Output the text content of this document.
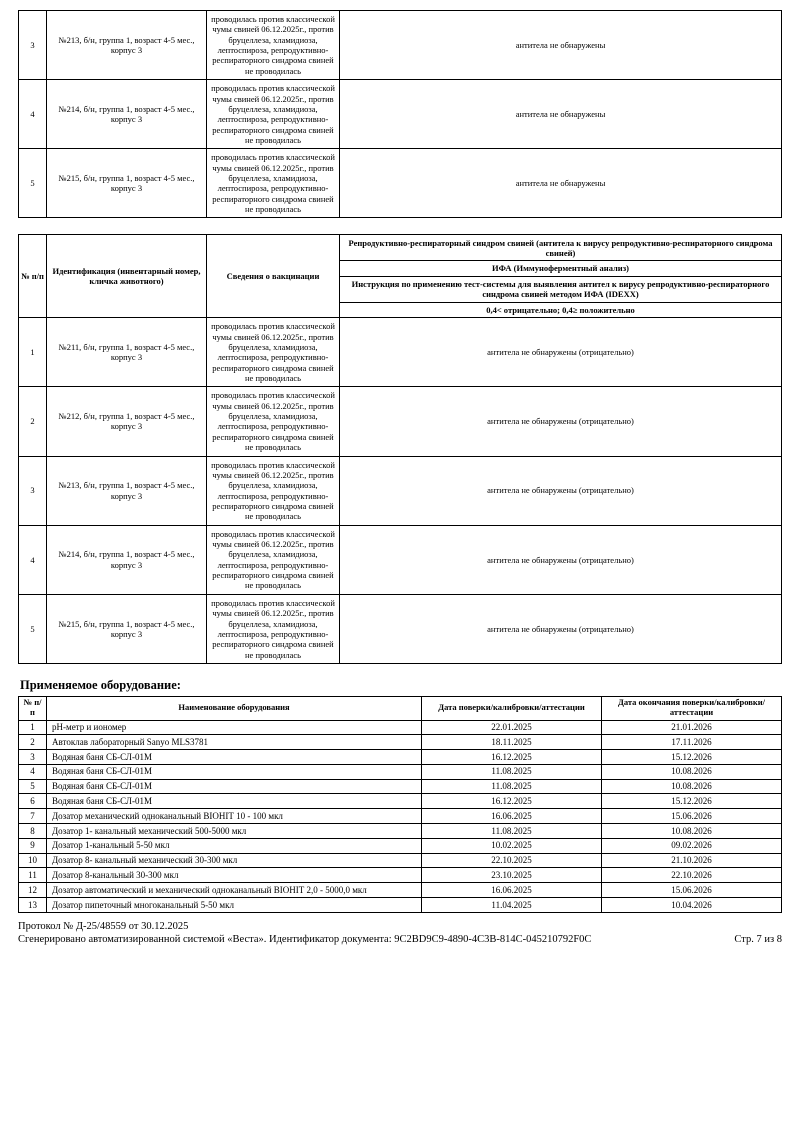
3	№213, б/н, группа 1, возраст 4-5 мес., корпус 3	проводилась против классической чумы свиней 06.12.2025г., против бруцеллеза, хламидиоза, лептоспироза, репродуктивно-респираторного синдрома свиней не проводилась	антитела не обнаружены
4	№214, б/н, группа 1, возраст 4-5 мес., корпус 3	проводилась против классической чумы свиней 06.12.2025г., против бруцеллеза, хламидиоза, лептоспироза, репродуктивно-респираторного синдрома свиней не проводилась	антитела не обнаружены
5	№215, б/н, группа 1, возраст 4-5 мес., корпус 3	проводилась против классической чумы свиней 06.12.2025г., против бруцеллеза, хламидиоза, лептоспироза, репродуктивно-респираторного синдрома свиней не проводилась	антитела не обнаружены
№ п/п	Идентификация (инвентарный номер, кличка животного)	Сведения о вакцинации	Репродуктивно-респираторный синдром свиней (антитела к вирусу репродуктивно-респираторного синдрома свиней)
			ИФА (Иммуноферментный анализ)
			Инструкция по применению тест-системы для выявления антител к вирусу репродуктивно-респираторного синдрома свиней методом ИФА (IDEXX)
			0,4< отрицательно; 0,4≥ положительно
1	№211, б/н, группа 1, возраст 4-5 мес., корпус 3	проводилась против классической чумы свиней 06.12.2025г., против бруцеллеза, хламидиоза, лептоспироза, репродуктивно-респираторного синдрома свиней не проводилась	антитела не обнаружены (отрицательно)
2	№212, б/н, группа 1, возраст 4-5 мес., корпус 3	проводилась против классической чумы свиней 06.12.2025г., против бруцеллеза, хламидиоза, лептоспироза, репродуктивно-респираторного синдрома свиней не проводилась	антитела не обнаружены (отрицательно)
3	№213, б/н, группа 1, возраст 4-5 мес., корпус 3	проводилась против классической чумы свиней 06.12.2025г., против бруцеллеза, хламидиоза, лептоспироза, репродуктивно-респираторного синдрома свиней не проводилась	антитела не обнаружены (отрицательно)
4	№214, б/н, группа 1, возраст 4-5 мес., корпус 3	проводилась против классической чумы свиней 06.12.2025г., против бруцеллеза, хламидиоза, лептоспироза, репродуктивно-респираторного синдрома свиней не проводилась	антитела не обнаружены (отрицательно)
5	№215, б/н, группа 1, возраст 4-5 мес., корпус 3	проводилась против классической чумы свиней 06.12.2025г., против бруцеллеза, хламидиоза, лептоспироза, репродуктивно-респираторного синдрома свиней не проводилась	антитела не обнаружены (отрицательно)
Применяемое оборудование:
№ п/п	Наименование оборудования	Дата поверки/калибровки/аттестации	Дата окончания поверки/калибровки/аттестации
1	рН-метр и иономер	22.01.2025	21.01.2026
2	Автоклав лабораторный Sanyo MLS3781	18.11.2025	17.11.2026
3	Водяная баня СБ-СЛ-01М	16.12.2025	15.12.2026
4	Водяная баня СБ-СЛ-01М	11.08.2025	10.08.2026
5	Водяная баня СБ-СЛ-01М	11.08.2025	10.08.2026
6	Водяная баня СБ-СЛ-01М	16.12.2025	15.12.2026
7	Дозатор механический одноканальный ВIОНIТ 10 - 100 мкл	16.06.2025	15.06.2026
8	Дозатор 1- канальный механический 500-5000 мкл	11.08.2025	10.08.2026
9	Дозатор 1-канальный 5-50 мкл	10.02.2025	09.02.2026
10	Дозатор 8- канальный механический 30-300 мкл	22.10.2025	21.10.2026
11	Дозатор 8-канальный 30-300 мкл	23.10.2025	22.10.2026
12	Дозатор автоматический и механический одноканальный ВIОНIТ 2,0 - 5000,0 мкл	16.06.2025	15.06.2026
13	Дозатор пипеточный многоканальный 5-50 мкл	11.04.2025	10.04.2026
Протокол № Д-25/48559 от 30.12.2025
Сгенерировано автоматизированной системой «Веста». Идентификатор документа: 9C2BD9C9-4890-4C3B-814C-045210792F0C	Стр. 7 из 8
